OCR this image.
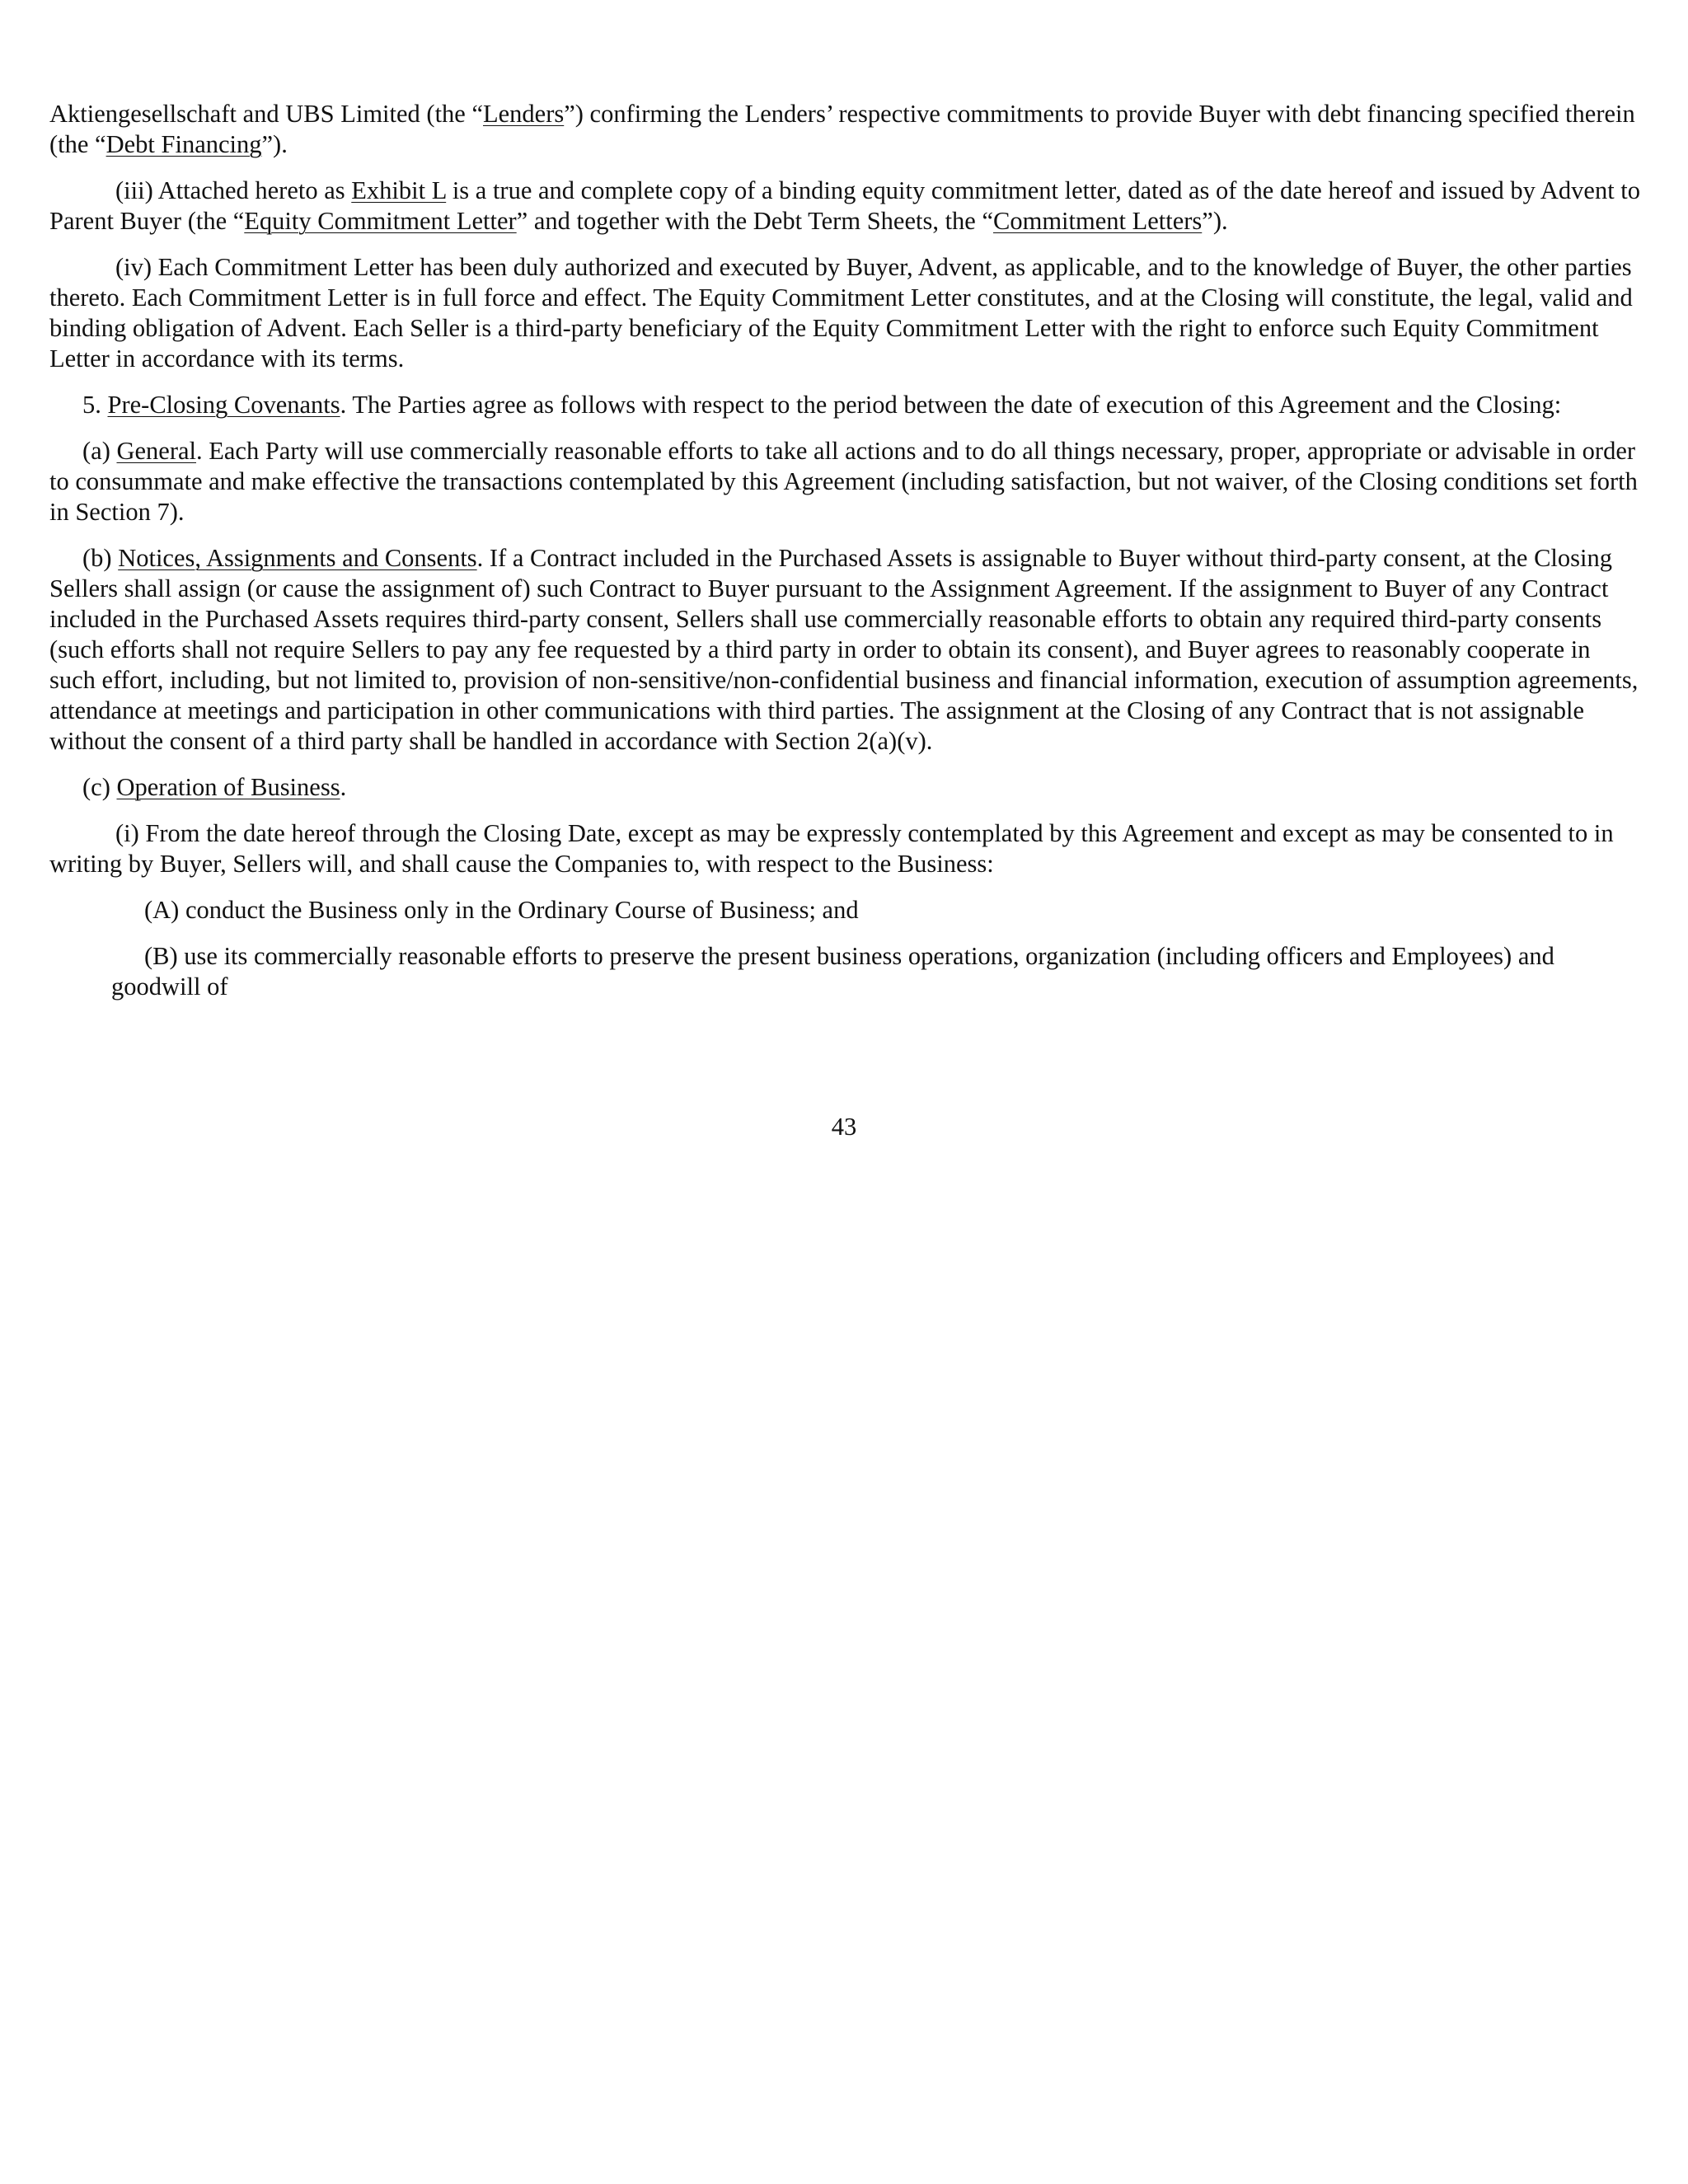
Aktiengesellschaft and UBS Limited (the “Lenders”) confirming the Lenders’ respective commitments to provide Buyer with debt financing specified therein (the “Debt Financing”).

(iii) Attached hereto as Exhibit L is a true and complete copy of a binding equity commitment letter, dated as of the date hereof and issued by Advent to Parent Buyer (the “Equity Commitment Letter” and together with the Debt Term Sheets, the “Commitment Letters”).

(iv) Each Commitment Letter has been duly authorized and executed by Buyer, Advent, as applicable, and to the knowledge of Buyer, the other parties thereto. Each Commitment Letter is in full force and effect. The Equity Commitment Letter constitutes, and at the Closing will constitute, the legal, valid and binding obligation of Advent. Each Seller is a third-party beneficiary of the Equity Commitment Letter with the right to enforce such Equity Commitment Letter in accordance with its terms.

5. Pre-Closing Covenants. The Parties agree as follows with respect to the period between the date of execution of this Agreement and the Closing:

(a) General. Each Party will use commercially reasonable efforts to take all actions and to do all things necessary, proper, appropriate or advisable in order to consummate and make effective the transactions contemplated by this Agreement (including satisfaction, but not waiver, of the Closing conditions set forth in Section 7).

(b) Notices, Assignments and Consents. If a Contract included in the Purchased Assets is assignable to Buyer without third-party consent, at the Closing Sellers shall assign (or cause the assignment of) such Contract to Buyer pursuant to the Assignment Agreement. If the assignment to Buyer of any Contract included in the Purchased Assets requires third-party consent, Sellers shall use commercially reasonable efforts to obtain any required third-party consents (such efforts shall not require Sellers to pay any fee requested by a third party in order to obtain its consent), and Buyer agrees to reasonably cooperate in such effort, including, but not limited to, provision of non-sensitive/non-confidential business and financial information, execution of assumption agreements, attendance at meetings and participation in other communications with third parties. The assignment at the Closing of any Contract that is not assignable without the consent of a third party shall be handled in accordance with Section 2(a)(v).

(c) Operation of Business.

(i) From the date hereof through the Closing Date, except as may be expressly contemplated by this Agreement and except as may be consented to in writing by Buyer, Sellers will, and shall cause the Companies to, with respect to the Business:

(A) conduct the Business only in the Ordinary Course of Business; and

(B) use its commercially reasonable efforts to preserve the present business operations, organization (including officers and Employees) and goodwill of

43
